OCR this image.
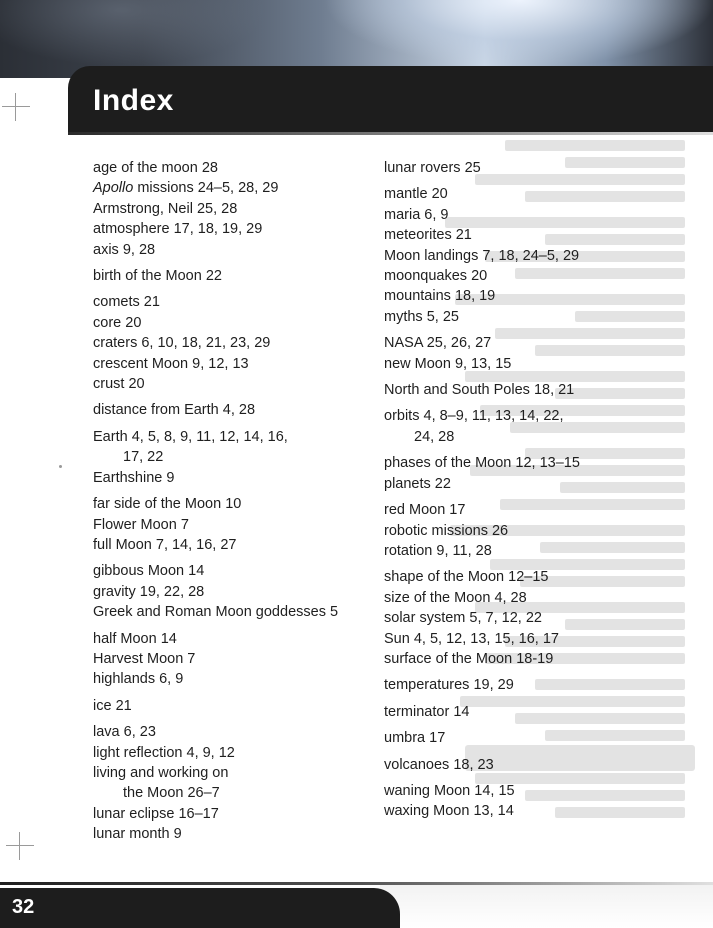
Index
age of the moon 28
Apollo missions 24–5, 28, 29
Armstrong, Neil 25, 28
atmosphere 17, 18, 19, 29
axis 9, 28
birth of the Moon 22
comets 21
core 20
craters 6, 10, 18, 21, 23, 29
crescent Moon 9, 12, 13
crust 20
distance from Earth 4, 28
Earth 4, 5, 8, 9, 11, 12, 14, 16,
17, 22
Earthshine 9
far side of the Moon 10
Flower Moon 7
full Moon 7, 14, 16, 27
gibbous Moon 14
gravity 19, 22, 28
Greek and Roman Moon goddesses 5
half Moon 14
Harvest Moon 7
highlands 6, 9
ice 21
lava 6, 23
light reflection 4, 9, 12
living and working on
the Moon 26–7
lunar eclipse 16–17
lunar month 9
lunar rovers 25
mantle 20
maria 6, 9
meteorites 21
Moon landings 7, 18, 24–5, 29
moonquakes 20
mountains 18, 19
myths 5, 25
NASA 25, 26, 27
new Moon 9, 13, 15
North and South Poles 18, 21
orbits 4, 8–9, 11, 13, 14, 22,
24, 28
phases of the Moon 12, 13–15
planets 22
red Moon 17
robotic missions 26
rotation 9, 11, 28
shape of the Moon 12–15
size of the Moon 4, 28
solar system 5, 7, 12, 22
Sun 4, 5, 12, 13, 15, 16, 17
surface of the Moon 18-19
temperatures 19, 29
terminator 14
umbra 17
volcanoes 18, 23
waning Moon 14, 15
waxing Moon 13, 14

32
